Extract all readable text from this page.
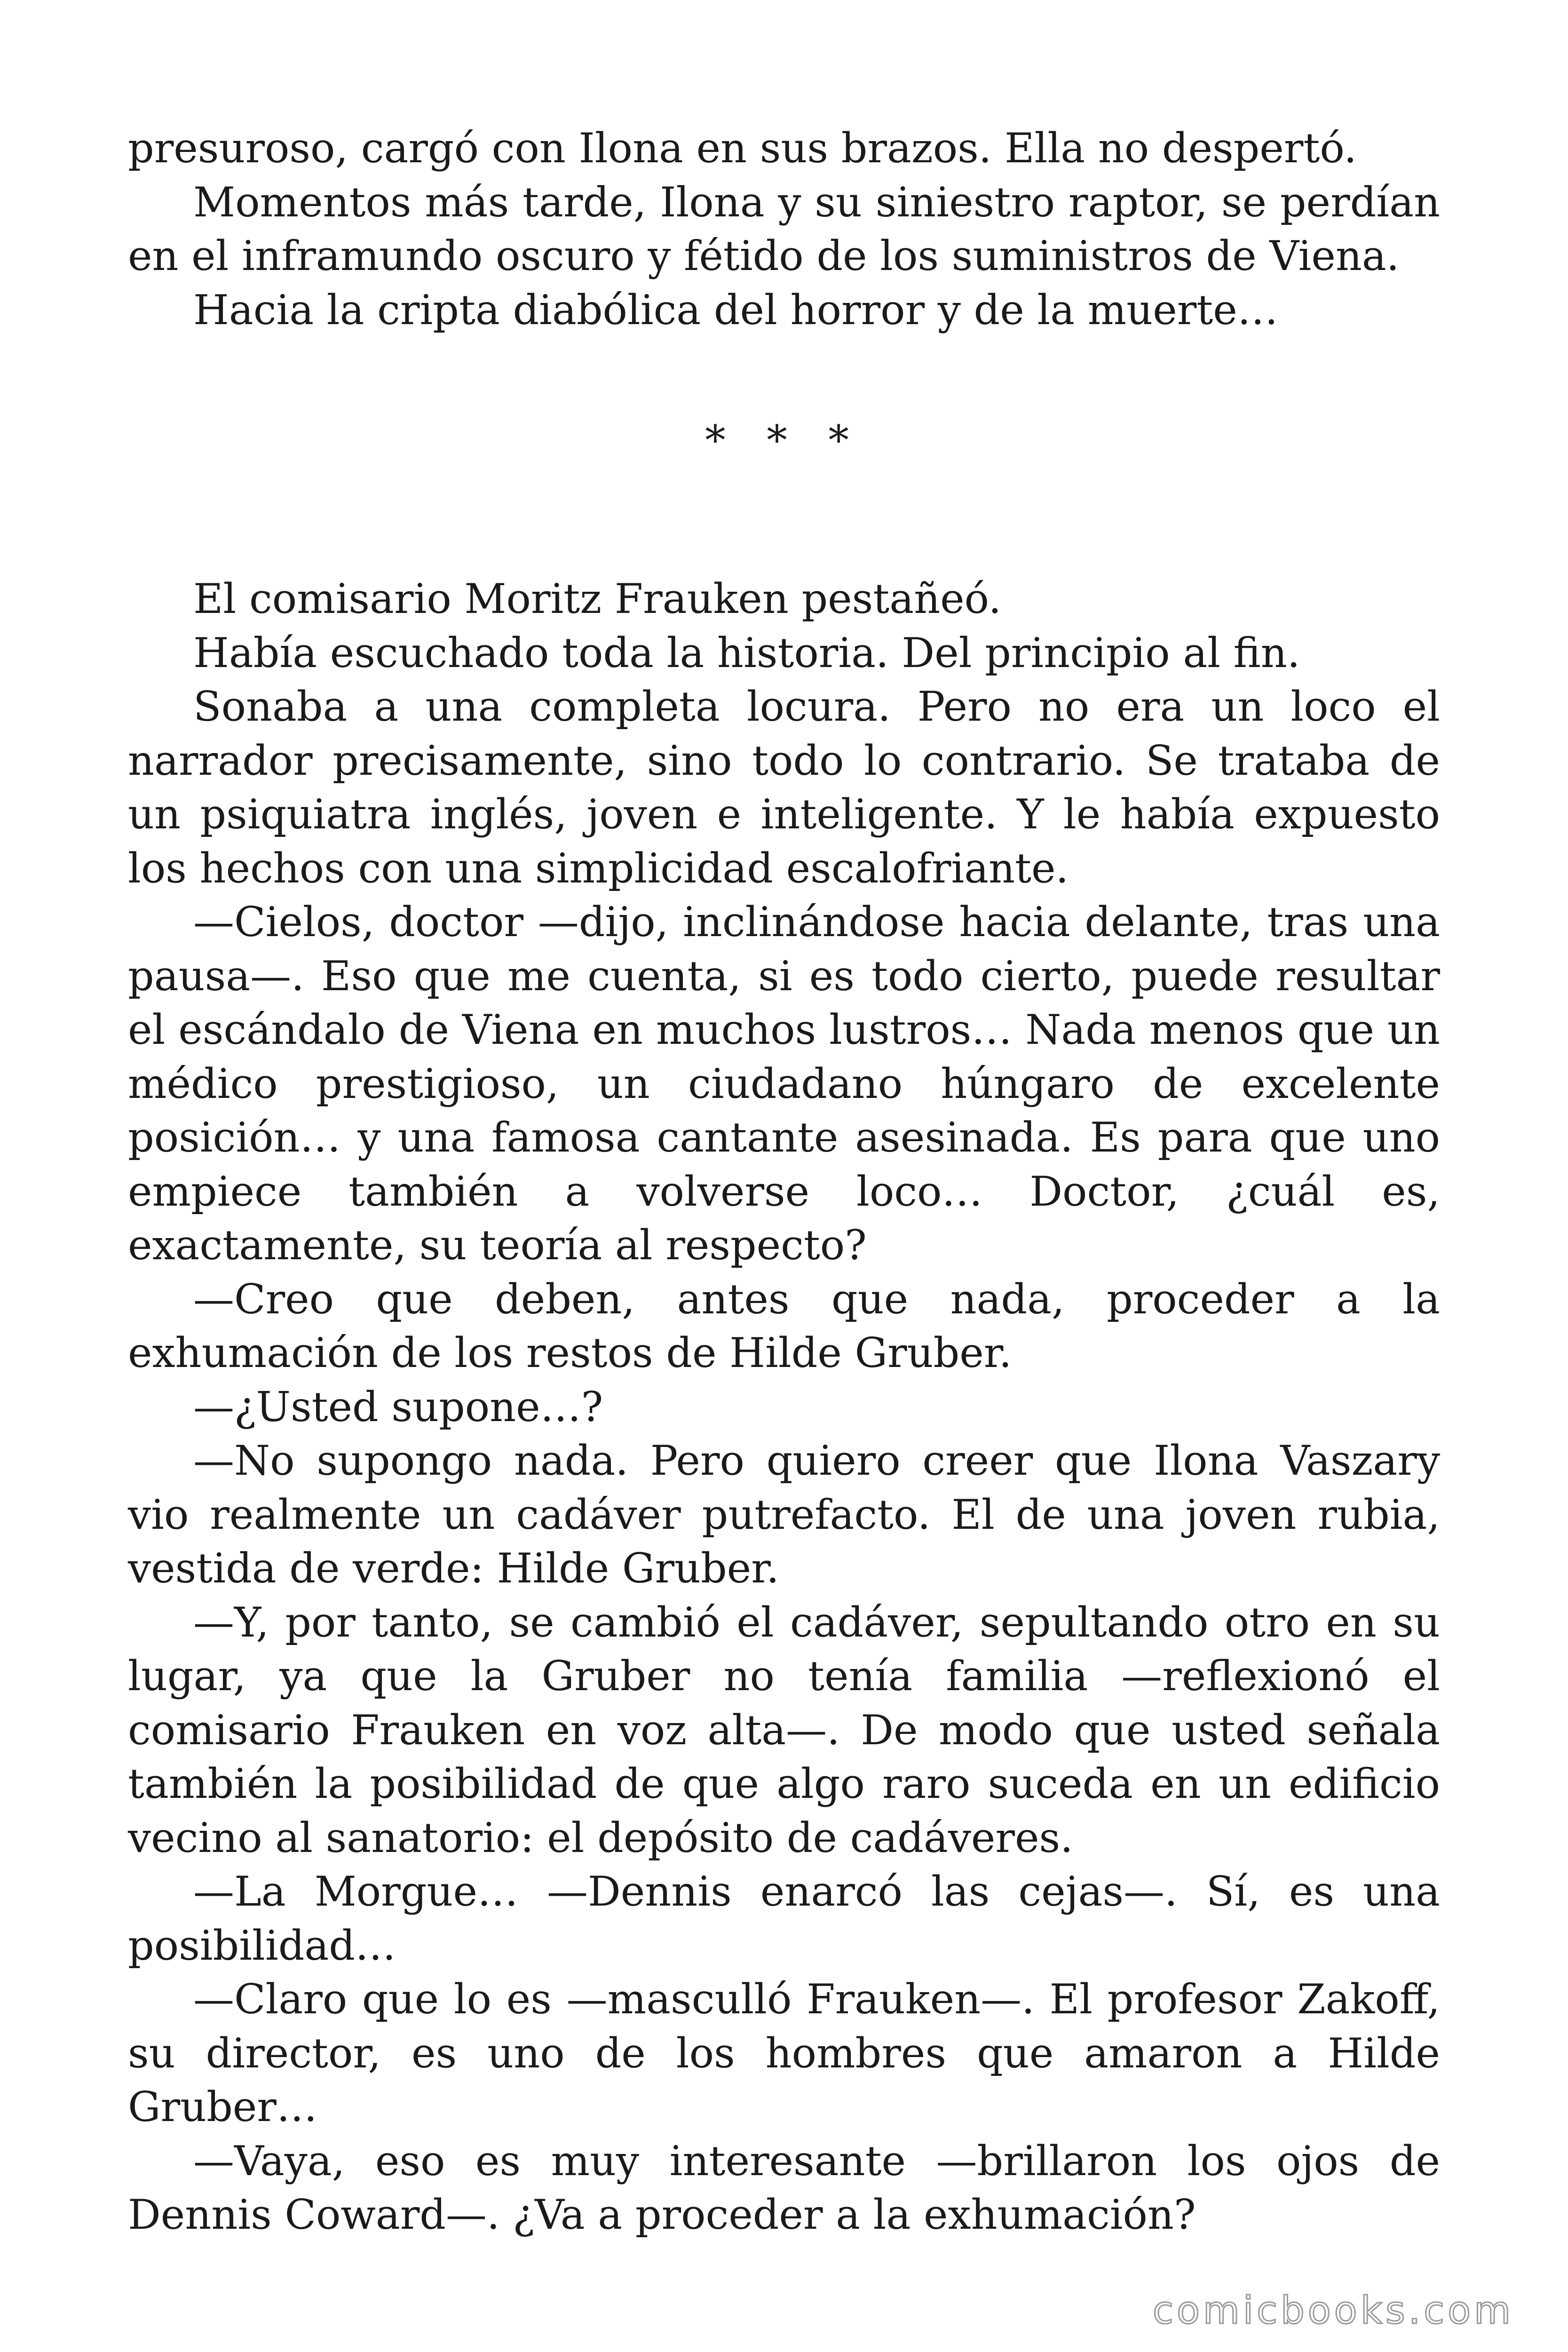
presuroso, cargó con Ilona en sus brazos. Ella no despertó.

Momentos más tarde, Ilona y su siniestro raptor, se perdían en el inframundo oscuro y fétido de los suministros de Viena.

Hacia la cripta diabólica del horror y de la muerte…

* * *

El comisario Moritz Frauken pestañeó.

Había escuchado toda la historia. Del principio al fin.

Sonaba a una completa locura. Pero no era un loco el narrador precisamente, sino todo lo contrario. Se trataba de un psiquiatra inglés, joven e inteligente. Y le había expuesto los hechos con una simplicidad escalofriante.

—Cielos, doctor —dijo, inclinándose hacia delante, tras una pausa—. Eso que me cuenta, si es todo cierto, puede resultar el escándalo de Viena en muchos lustros… Nada menos que un médico prestigioso, un ciudadano húngaro de excelente posición… y una famosa cantante asesinada. Es para que uno empiece también a volverse loco… Doctor, ¿cuál es, exactamente, su teoría al respecto?

—Creo que deben, antes que nada, proceder a la exhumación de los restos de Hilde Gruber.

—¿Usted supone…?

—No supongo nada. Pero quiero creer que Ilona Vaszary vio realmente un cadáver putrefacto. El de una joven rubia, vestida de verde: Hilde Gruber.

—Y, por tanto, se cambió el cadáver, sepultando otro en su lugar, ya que la Gruber no tenía familia —reflexionó el comisario Frauken en voz alta—. De modo que usted señala también la posibilidad de que algo raro suceda en un edificio vecino al sanatorio: el depósito de cadáveres.

—La Morgue… —Dennis enarcó las cejas—. Sí, es una posibilidad…

—Claro que lo es —masculló Frauken—. El profesor Zakoff, su director, es uno de los hombres que amaron a Hilde Gruber…

—Vaya, eso es muy interesante —brillaron los ojos de Dennis Coward—. ¿Va a proceder a la exhumación?

comicbooks.com
